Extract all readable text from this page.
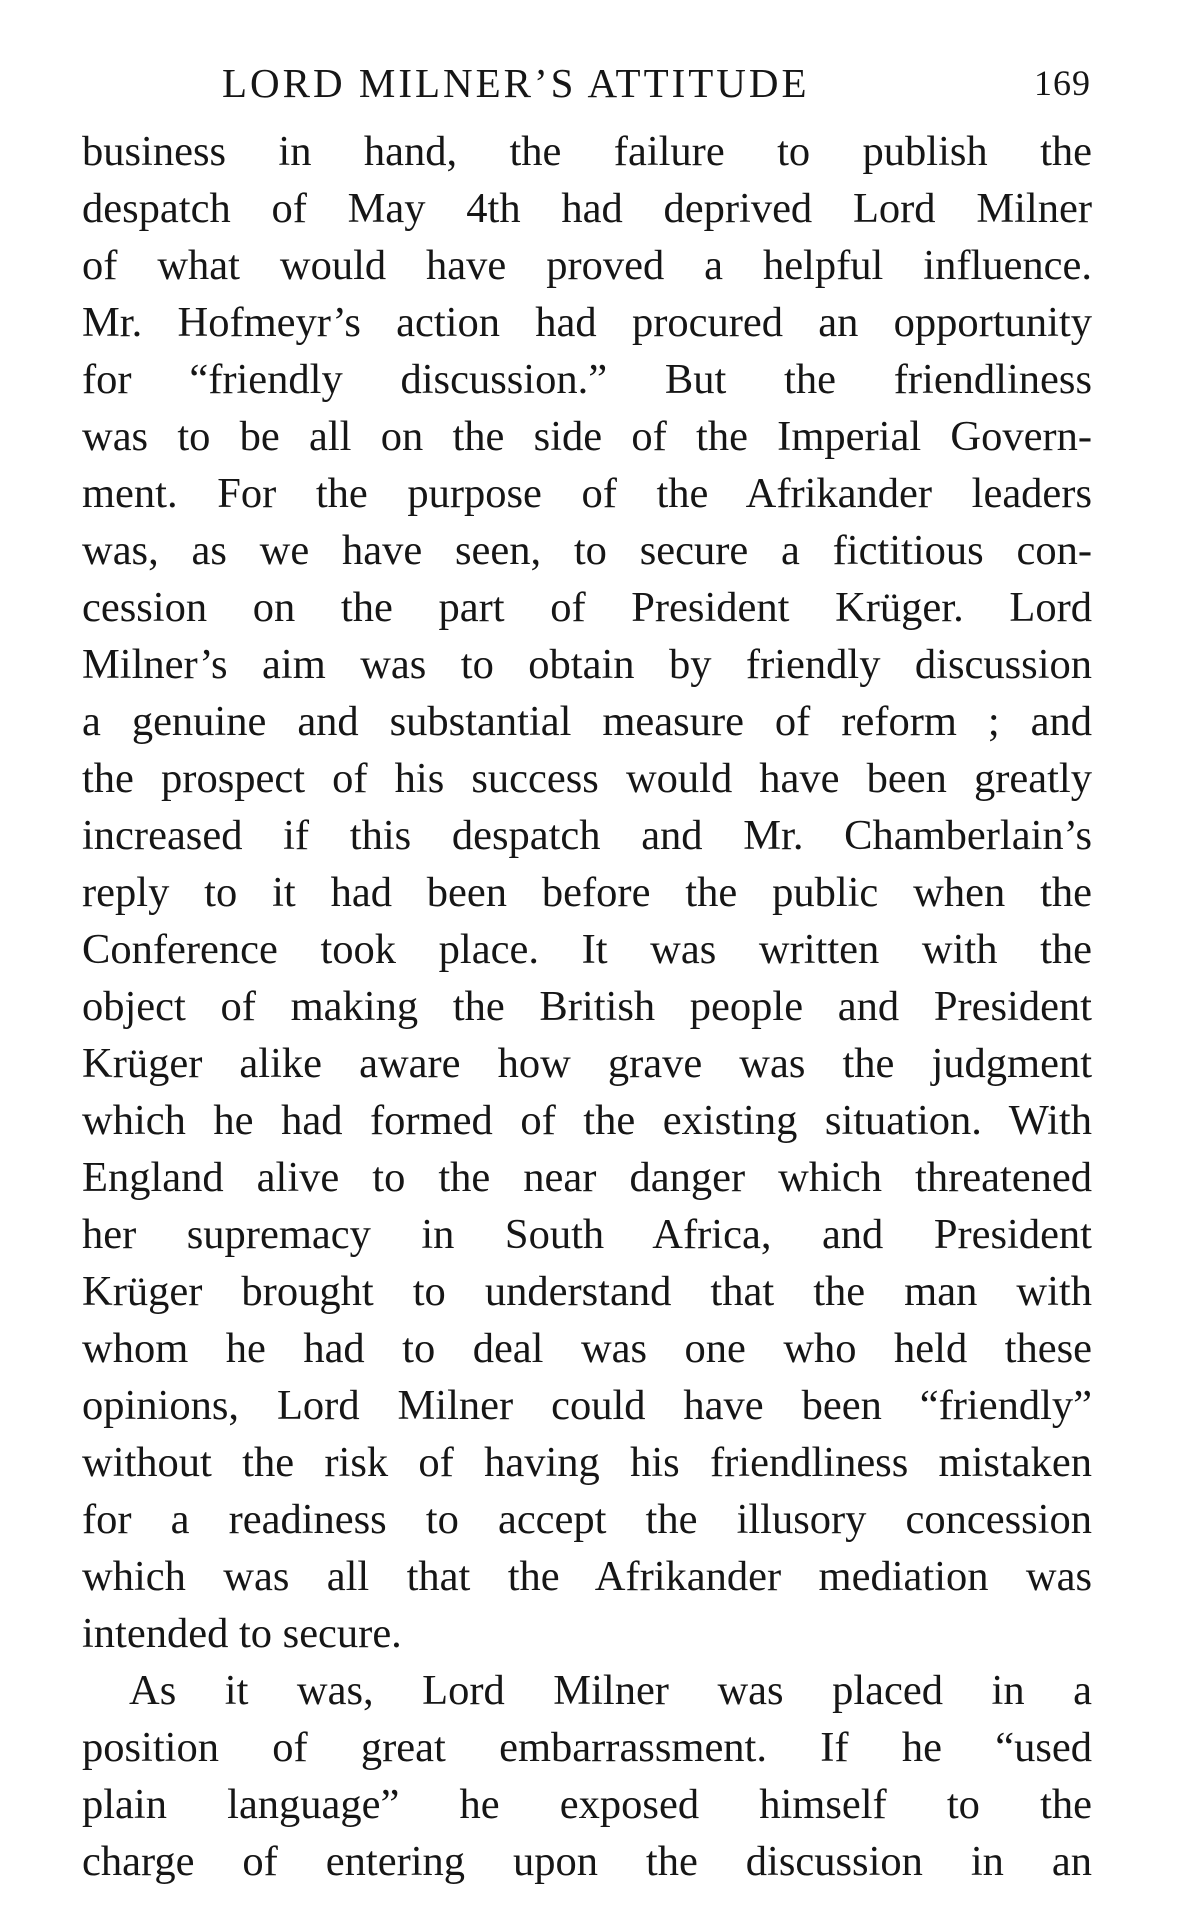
LORD MILNER’S ATTITUDE	169
business in hand, the failure to publish the
despatch of May 4th had deprived Lord Milner
of what would have proved a helpful influence.
Mr. Hofmeyr’s action had procured an opportunity
for “friendly discussion.” But the friendliness
was to be all on the side of the Imperial Govern-
ment. For the purpose of the Afrikander leaders
was, as we have seen, to secure a fictitious con-
cession on the part of President Krüger. Lord
Milner’s aim was to obtain by friendly discussion
a genuine and substantial measure of reform ; and
the prospect of his success would have been greatly
increased if this despatch and Mr. Chamberlain’s
reply to it had been before the public when the
Conference took place. It was written with the
object of making the British people and President
Krüger alike aware how grave was the judgment
which he had formed of the existing situation. With
England alive to the near danger which threatened
her supremacy in South Africa, and President
Krüger brought to understand that the man with
whom he had to deal was one who held these
opinions, Lord Milner could have been “friendly”
without the risk of having his friendliness mistaken
for a readiness to accept the illusory concession
which was all that the Afrikander mediation was
intended to secure.
As it was, Lord Milner was placed in a
position of great embarrassment. If he “used
plain language” he exposed himself to the
charge of entering upon the discussion in an
